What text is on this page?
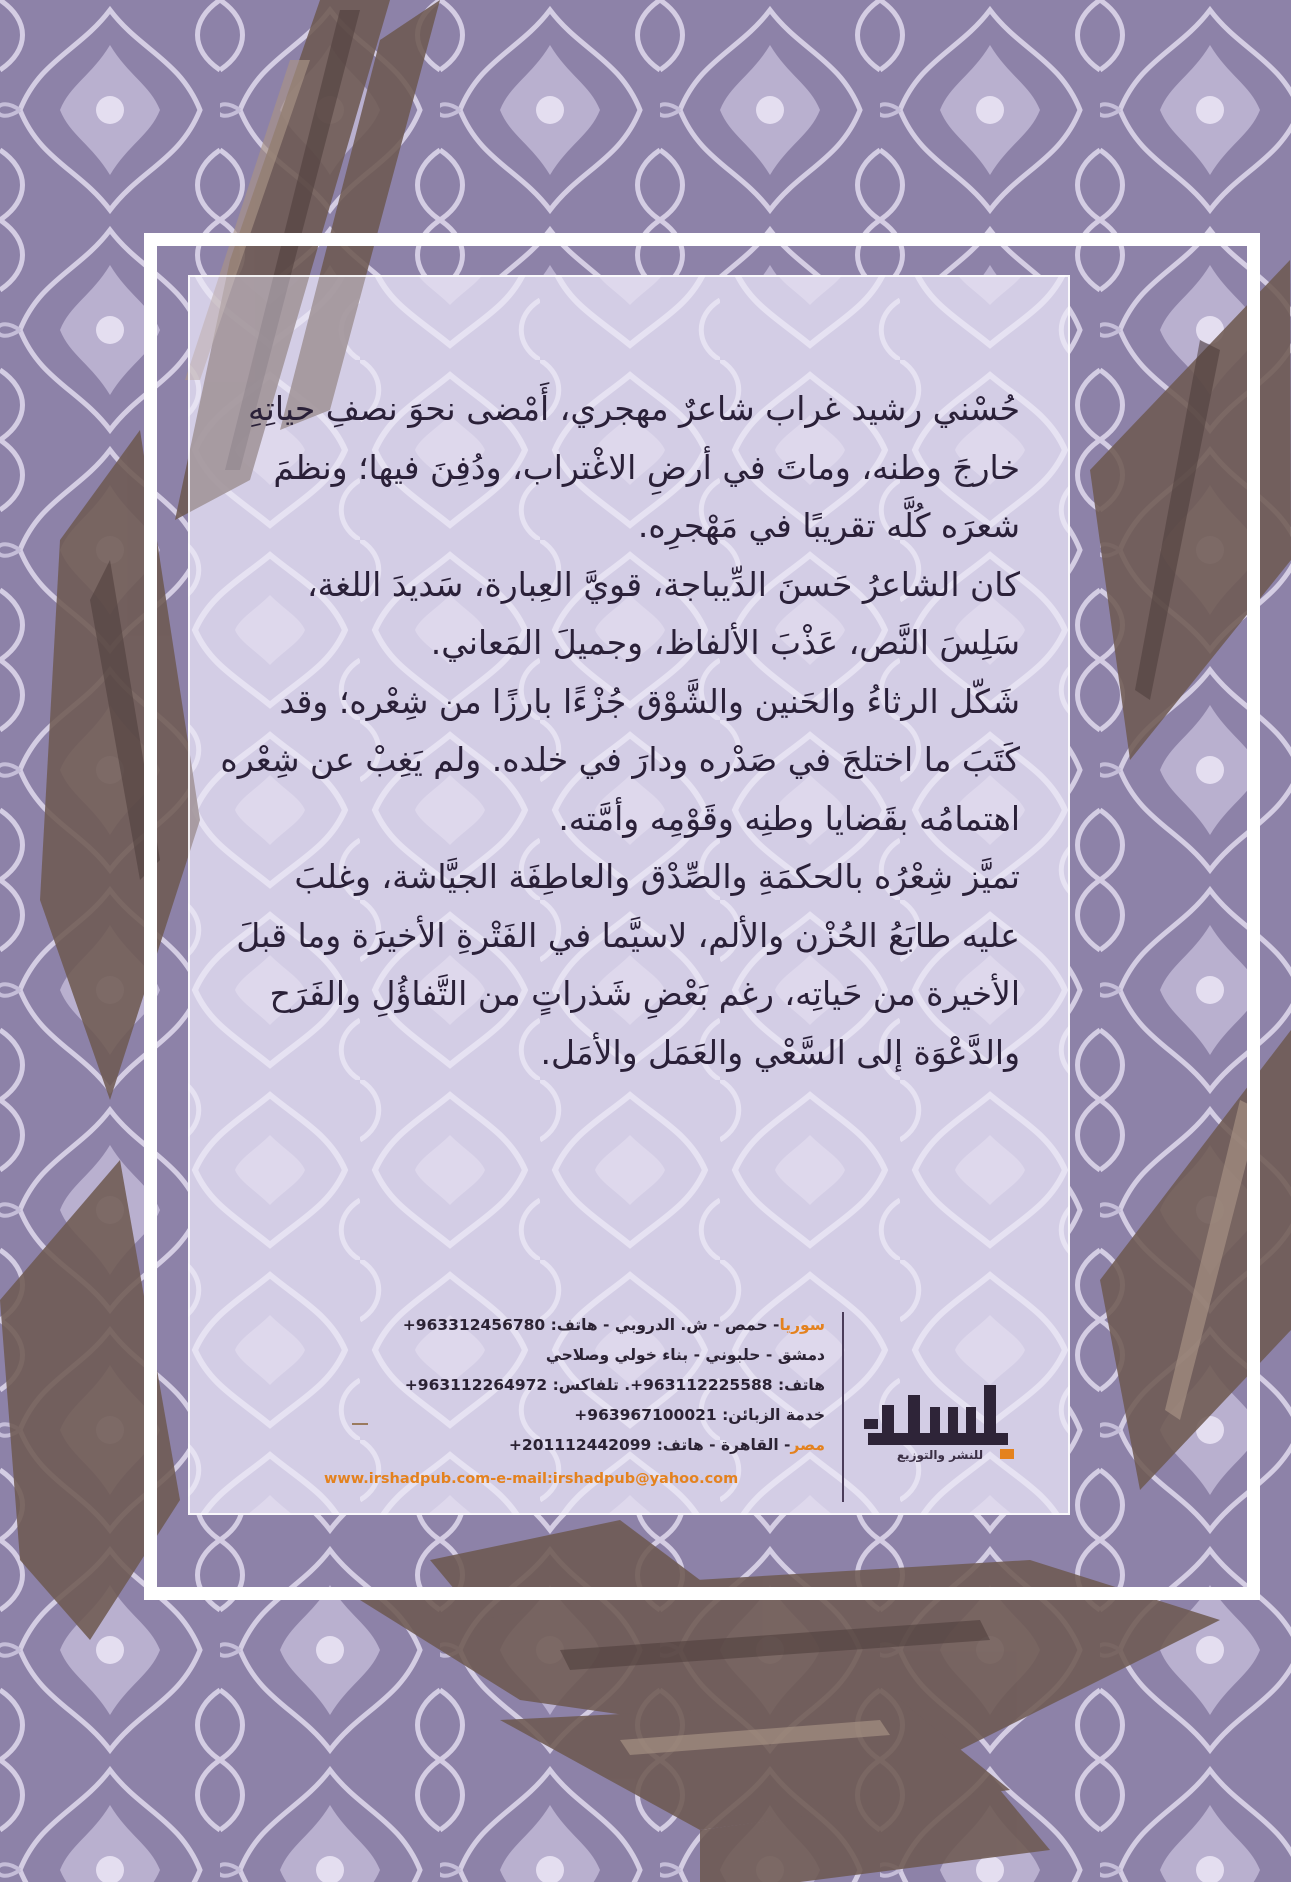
حُسْني رشيد غراب شاعرٌ مهجري، أَمْضى نحوَ نصفِ حياتِهِ

خارجَ وطنه، وماتَ في أرضِ الاغْتراب، ودُفِنَ فيها؛ ونظمَ

شعرَه كُلَّه تقريبًا في مَهْجرِه.

كان الشاعرُ حَسنَ الدِّيباجة، قويَّ العِبارة، سَديدَ اللغة،

سَلِسَ النَّص، عَذْبَ الألفاظ، وجميلَ المَعاني.

شَكّل الرثاءُ والحَنين والشَّوْق جُزْءًا بارزًا من شِعْره؛ وقد

كَتَبَ ما اختلجَ في صَدْره ودارَ في خلده. ولم يَغِبْ عن شِعْره

اهتمامُه بقَضايا وطنِه وقَوْمِه وأمَّته.

تميَّز شِعْرُه بالحكمَةِ والصِّدْق والعاطِفَة الجيَّاشة، وغلبَ

عليه طابَعُ الحُزْن والألم، لاسيَّما في الفَتْرةِ الأخيرَة وما قبلَ

الأخيرة من حَياتِه، رغم بَعْضِ شَذراتٍ من التَّفاؤُلِ والفَرَح

والدَّعْوَة إلى السَّعْي والعَمَل والأمَل.

سوريا- حمص - ش. الدروبي - هاتف: 963312456780+
دمشق - حلبوني - بناء خولي وصلاحي
هاتف: 963112225588+. تلفاكس: 963112264972+
خدمة الزبائن: 963967100021+
مصر- القاهرة - هاتف: 201112442099+
www.irshadpub.com-e-mail:irshadpub@yahoo.com
للنشر والتوزيع
